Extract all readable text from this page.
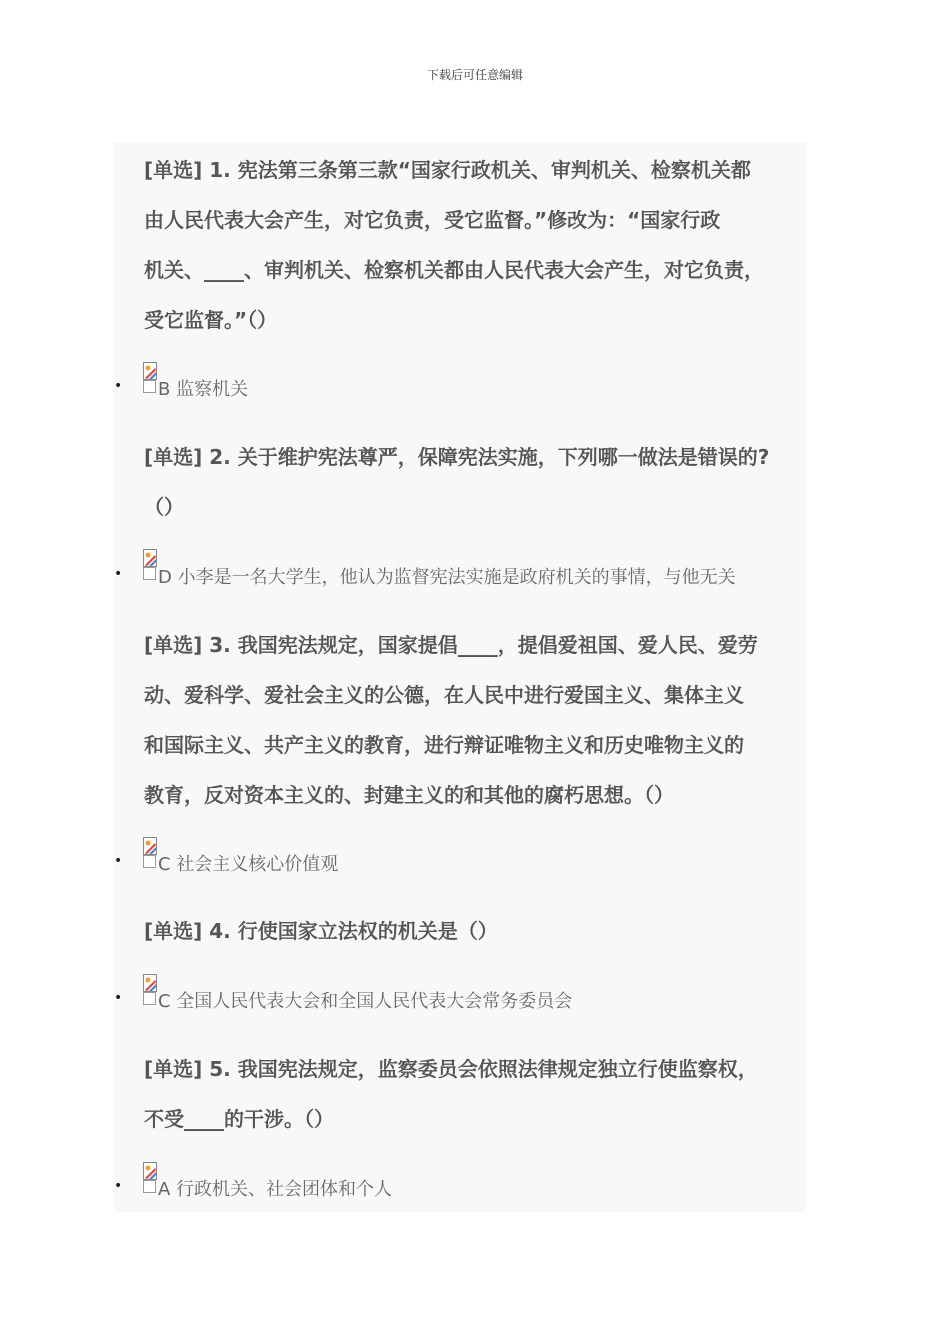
下载后可任意编辑
[单选] 1. 宪法第三条第三款“国家行政机关、审判机关、检察机关都
由人民代表大会产生，对它负责，受它监督。”修改为：“国家行政
机关、____、审判机关、检察机关都由人民代表大会产生，对它负责，
受它监督。”（）
• B 监察机关
[单选] 2. 关于维护宪法尊严，保障宪法实施，下列哪一做法是错误的?
（）
• D 小李是一名大学生，他认为监督宪法实施是政府机关的事情，与他无关
[单选] 3. 我国宪法规定，国家提倡____，提倡爱祖国、爱人民、爱劳
动、爱科学、爱社会主义的公德，在人民中进行爱国主义、集体主义
和国际主义、共产主义的教育，进行辩证唯物主义和历史唯物主义的
教育，反对资本主义的、封建主义的和其他的腐朽思想。（）
• C 社会主义核心价值观
[单选] 4. 行使国家立法权的机关是（）
• C 全国人民代表大会和全国人民代表大会常务委员会
[单选] 5. 我国宪法规定，监察委员会依照法律规定独立行使监察权，
不受____的干涉。（）
• A 行政机关、社会团体和个人
